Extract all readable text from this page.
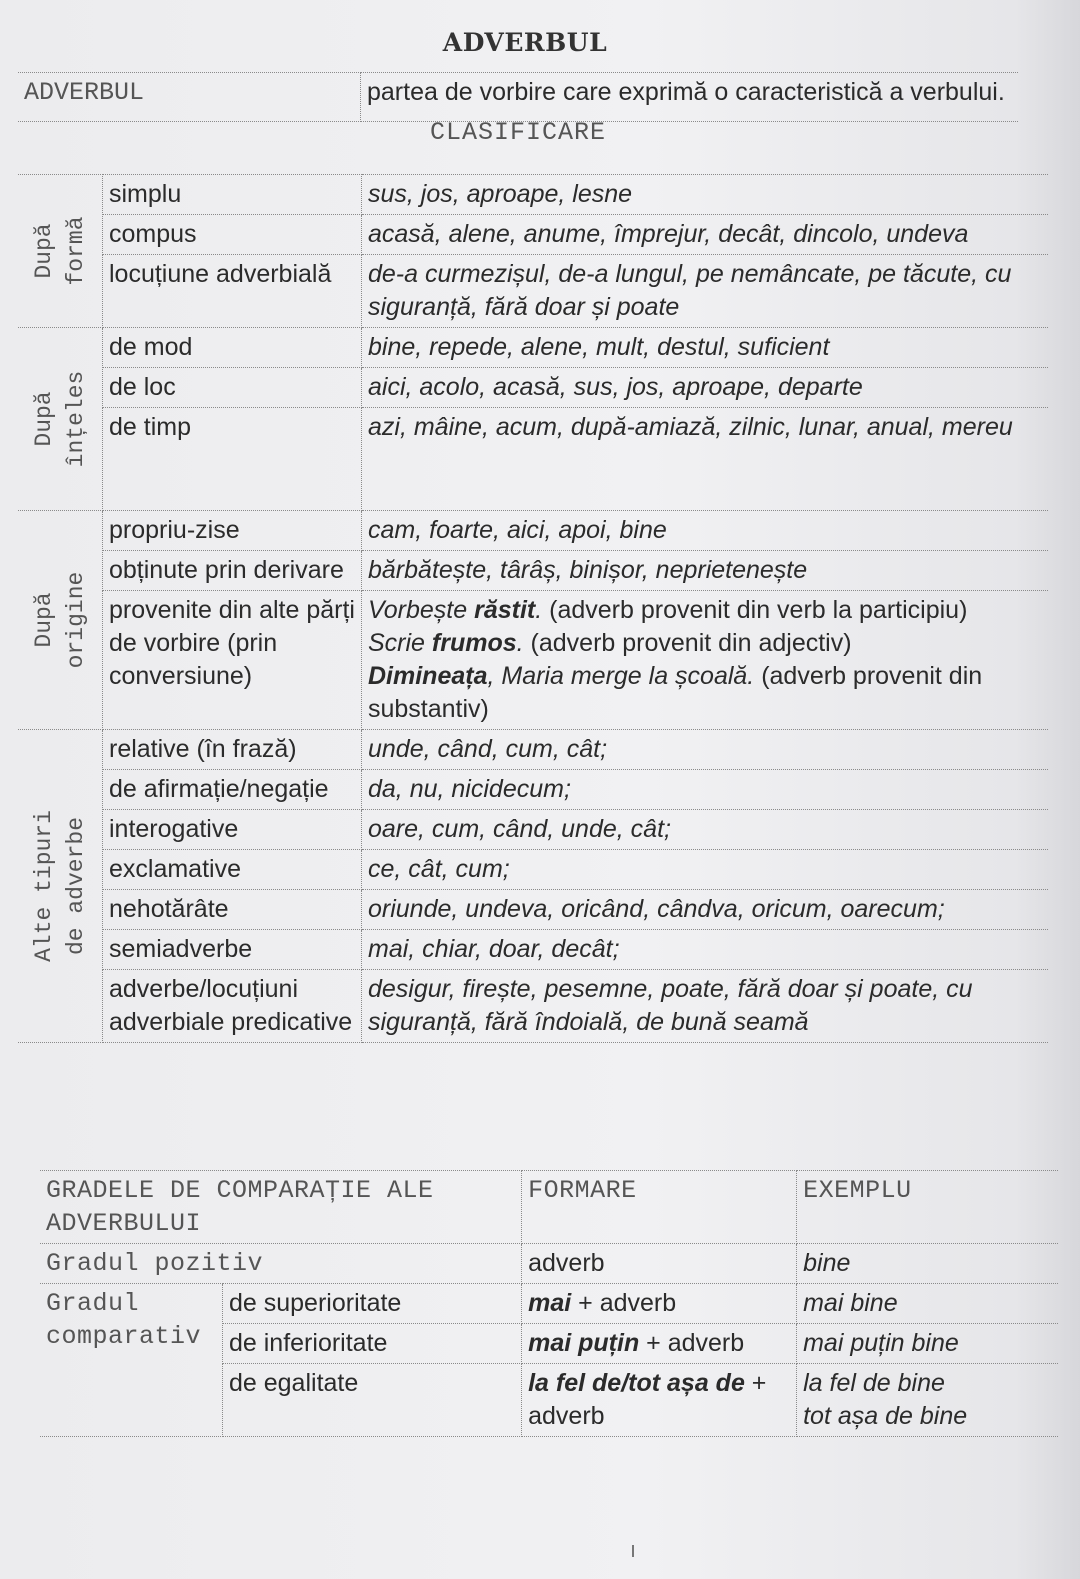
ADVERBUL
ADVERBUL	partea de vorbire care exprimă o caracteristică a verbului.
CLASIFICARE
După formă	simplu	sus, jos, aproape, lesne
	compus	acasă, alene, anume, împrejur, decât, dincolo, undeva
	locuțiune adverbială	de-a curmezișul, de-a lungul, pe nemâncate, pe tăcute, cu siguranță, fără doar și poate

După înțeles	de mod	bine, repede, alene, mult, destul, suficient
	de loc	aici, acolo, acasă, sus, jos, aproape, departe
	de timp	azi, mâine, acum, după-amiază, zilnic, lunar, anual, mereu

După origine	propriu-zise	cam, foarte, aici, apoi, bine
	obținute prin derivare	bărbătește, târâș, binișor, neprietenește
	provenite din alte părți de vorbire (prin conversiune)	Vorbește răstit. (adverb provenit din verb la participiu)
Scrie frumos. (adverb provenit din adjectiv)
Dimineața, Maria merge la școală. (adverb provenit din substantiv)

Alte tipuri de adverbe	relative (în frază)	unde, când, cum, cât;
	de afirmație/negație	da, nu, nicidecum;
	interogative	oare, cum, când, unde, cât;
	exclamative	ce, cât, cum;
	nehotărâte	oriunde, undeva, oricând, cândva, oricum, oarecum;
	semiadverbe	mai, chiar, doar, decât;
	adverbe/locuțiuni adverbiale predicative	desigur, firește, pesemne, poate, fără doar și poate, cu siguranță, fără îndoială, de bună seamă
GRADELE DE COMPARAȚIE ALE ADVERBULUI		FORMARE	EXEMPLU
Gradul pozitiv		adverb	bine
Gradul comparativ	de superioritate	mai + adverb	mai bine
	de inferioritate	mai puțin + adverb	mai puțin bine
	de egalitate	la fel de/tot așa de + adverb	la fel de bine
tot așa de bine
